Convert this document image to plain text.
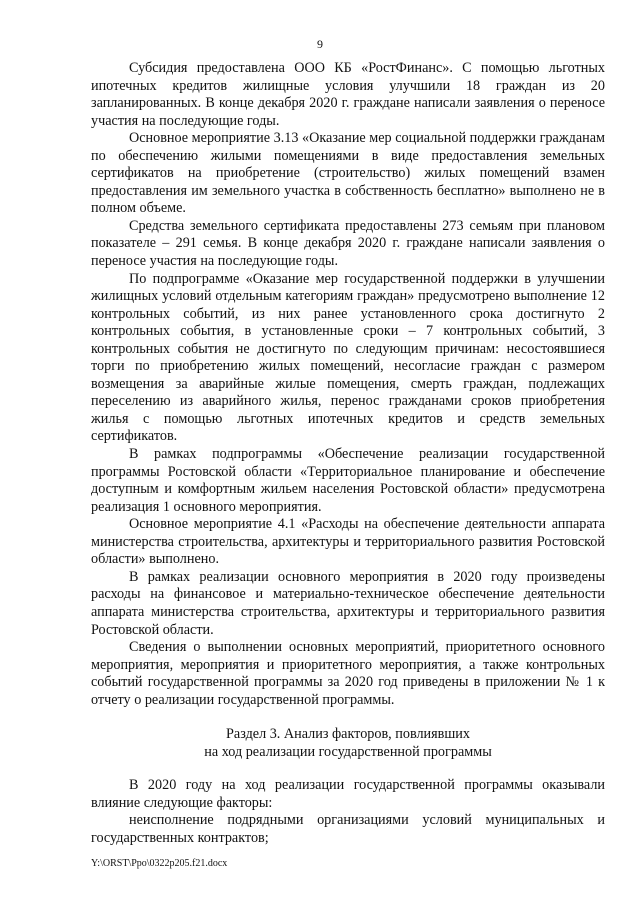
9

Субсидия предоставлена ООО КБ «РостФинанс». С помощью льготных ипотечных кредитов жилищные условия улучшили 18 граждан из 20 запланированных. В конце декабря 2020 г. граждане написали заявления о переносе участия на последующие годы.

Основное мероприятие 3.13 «Оказание мер социальной поддержки гражданам по обеспечению жилыми помещениями в виде предоставления земельных сертификатов на приобретение (строительство) жилых помещений взамен предоставления им земельного участка в собственность бесплатно» выполнено не в полном объеме.

Средства земельного сертификата предоставлены 273 семьям при плановом показателе – 291 семья. В конце декабря 2020 г. граждане написали заявления о переносе участия на последующие годы.

По подпрограмме «Оказание мер государственной поддержки в улучшении жилищных условий отдельным категориям граждан» предусмотрено выполнение 12 контрольных событий, из них ранее установленного срока достигнуто 2 контрольных события, в установленные сроки – 7 контрольных событий, 3 контрольных события не достигнуто по следующим причинам: несостоявшиеся торги по приобретению жилых помещений, несогласие граждан с размером возмещения за аварийные жилые помещения, смерть граждан, подлежащих переселению из аварийного жилья, перенос гражданами сроков приобретения жилья с помощью льготных ипотечных кредитов и средств земельных сертификатов.

В рамках подпрограммы «Обеспечение реализации государственной программы Ростовской области «Территориальное планирование и обеспечение доступным и комфортным жильем населения Ростовской области» предусмотрена реализация 1 основного мероприятия.

Основное мероприятие 4.1 «Расходы на обеспечение деятельности аппарата министерства строительства, архитектуры и территориального развития Ростовской области» выполнено.

В рамках реализации основного мероприятия в 2020 году произведены расходы на финансовое и материально-техническое обеспечение деятельности аппарата министерства строительства, архитектуры и территориального развития Ростовской области.

Сведения о выполнении основных мероприятий, приоритетного основного мероприятия, мероприятия и приоритетного мероприятия, а также контрольных событий государственной программы за 2020 год приведены в приложении № 1 к отчету о реализации государственной программы.

Раздел 3. Анализ факторов, повлиявших
на ход реализации государственной программы

В 2020 году на ход реализации государственной программы оказывали влияние следующие факторы:

неисполнение подрядными организациями условий муниципальных и государственных контрактов;

Y:\ORST\Ppo\0322p205.f21.docx
